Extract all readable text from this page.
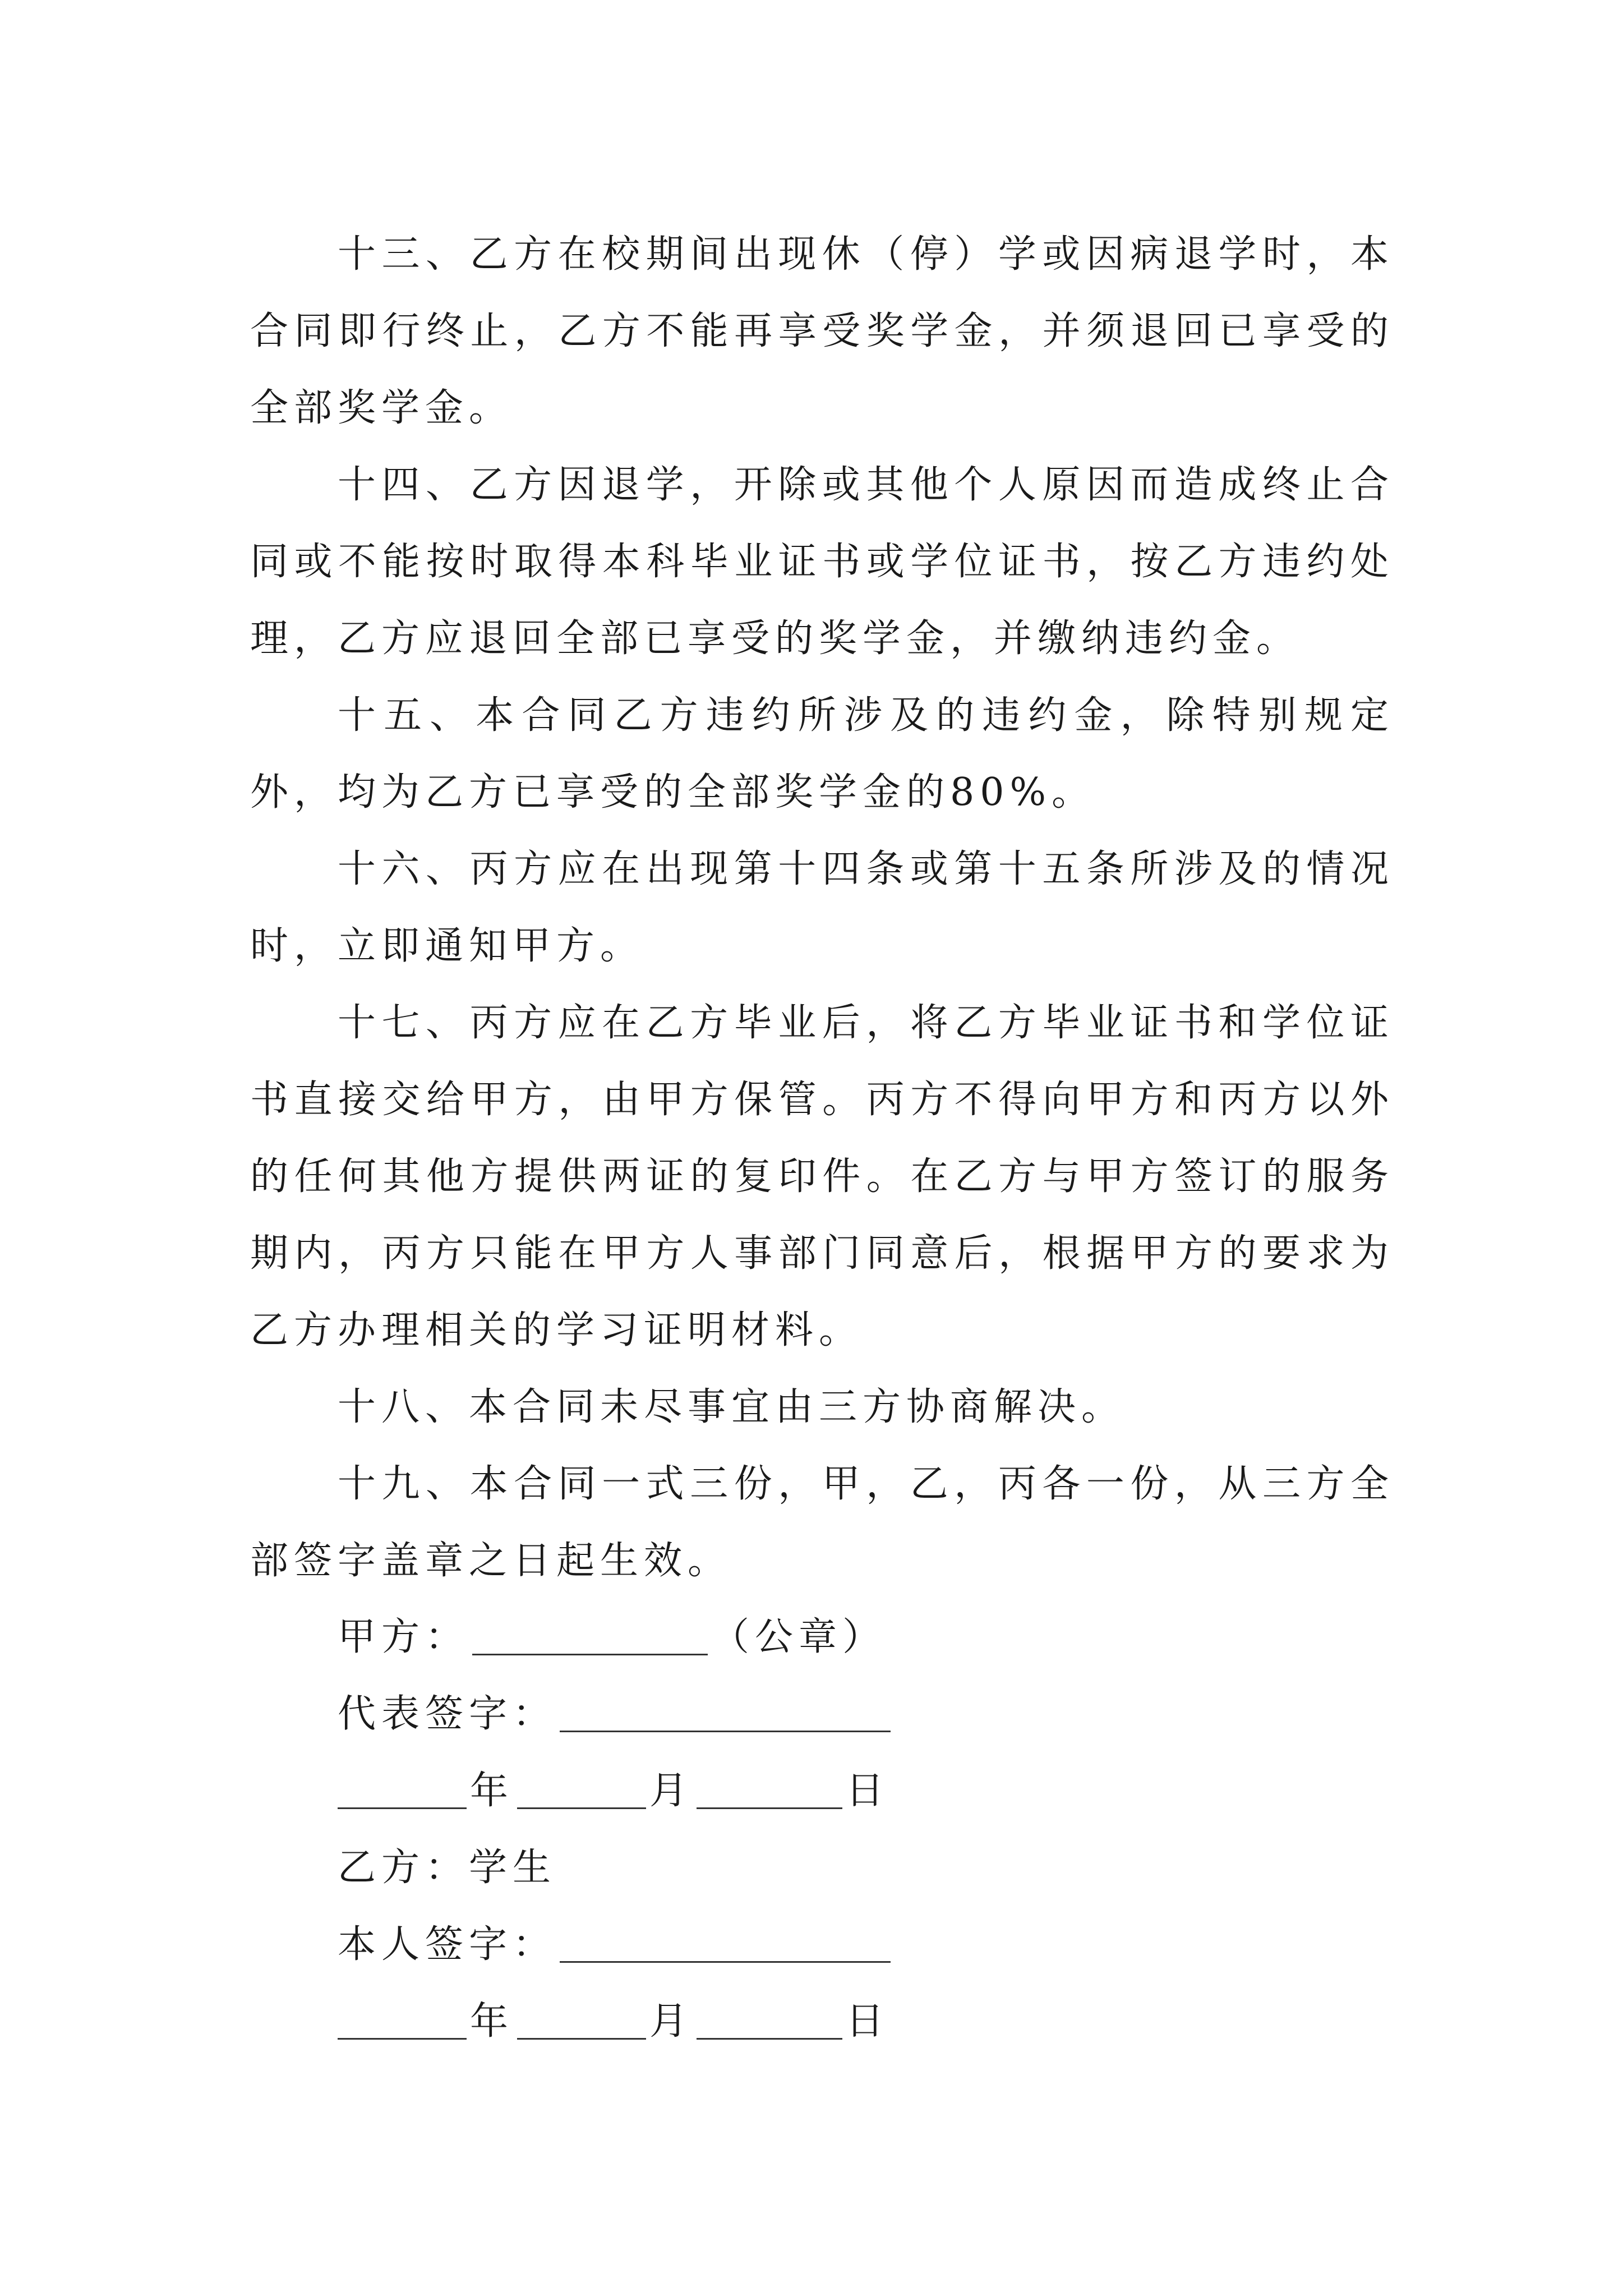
十三、乙方在校期间出现休（停）学或因病退学时，本合同即行终止，乙方不能再享受奖学金，并须退回已享受的全部奖学金。

十四、乙方因退学，开除或其他个人原因而造成终止合同或不能按时取得本科毕业证书或学位证书，按乙方违约处理，乙方应退回全部已享受的奖学金，并缴纳违约金。

十五、本合同乙方违约所涉及的违约金，除特别规定外，均为乙方已享受的全部奖学金的80%。

十六、丙方应在出现第十四条或第十五条所涉及的情况时，立即通知甲方。

十七、丙方应在乙方毕业后，将乙方毕业证书和学位证书直接交给甲方，由甲方保管。丙方不得向甲方和丙方以外的任何其他方提供两证的复印件。在乙方与甲方签订的服务期内，丙方只能在甲方人事部门同意后，根据甲方的要求为乙方办理相关的学习证明材料。

十八、本合同未尽事宜由三方协商解决。

十九、本合同一式三份，甲，乙，丙各一份，从三方全部签字盖章之日起生效。

甲方：	（公章）
代表签字：
年	月	日
乙方：学生
本人签字：
年	月	日
